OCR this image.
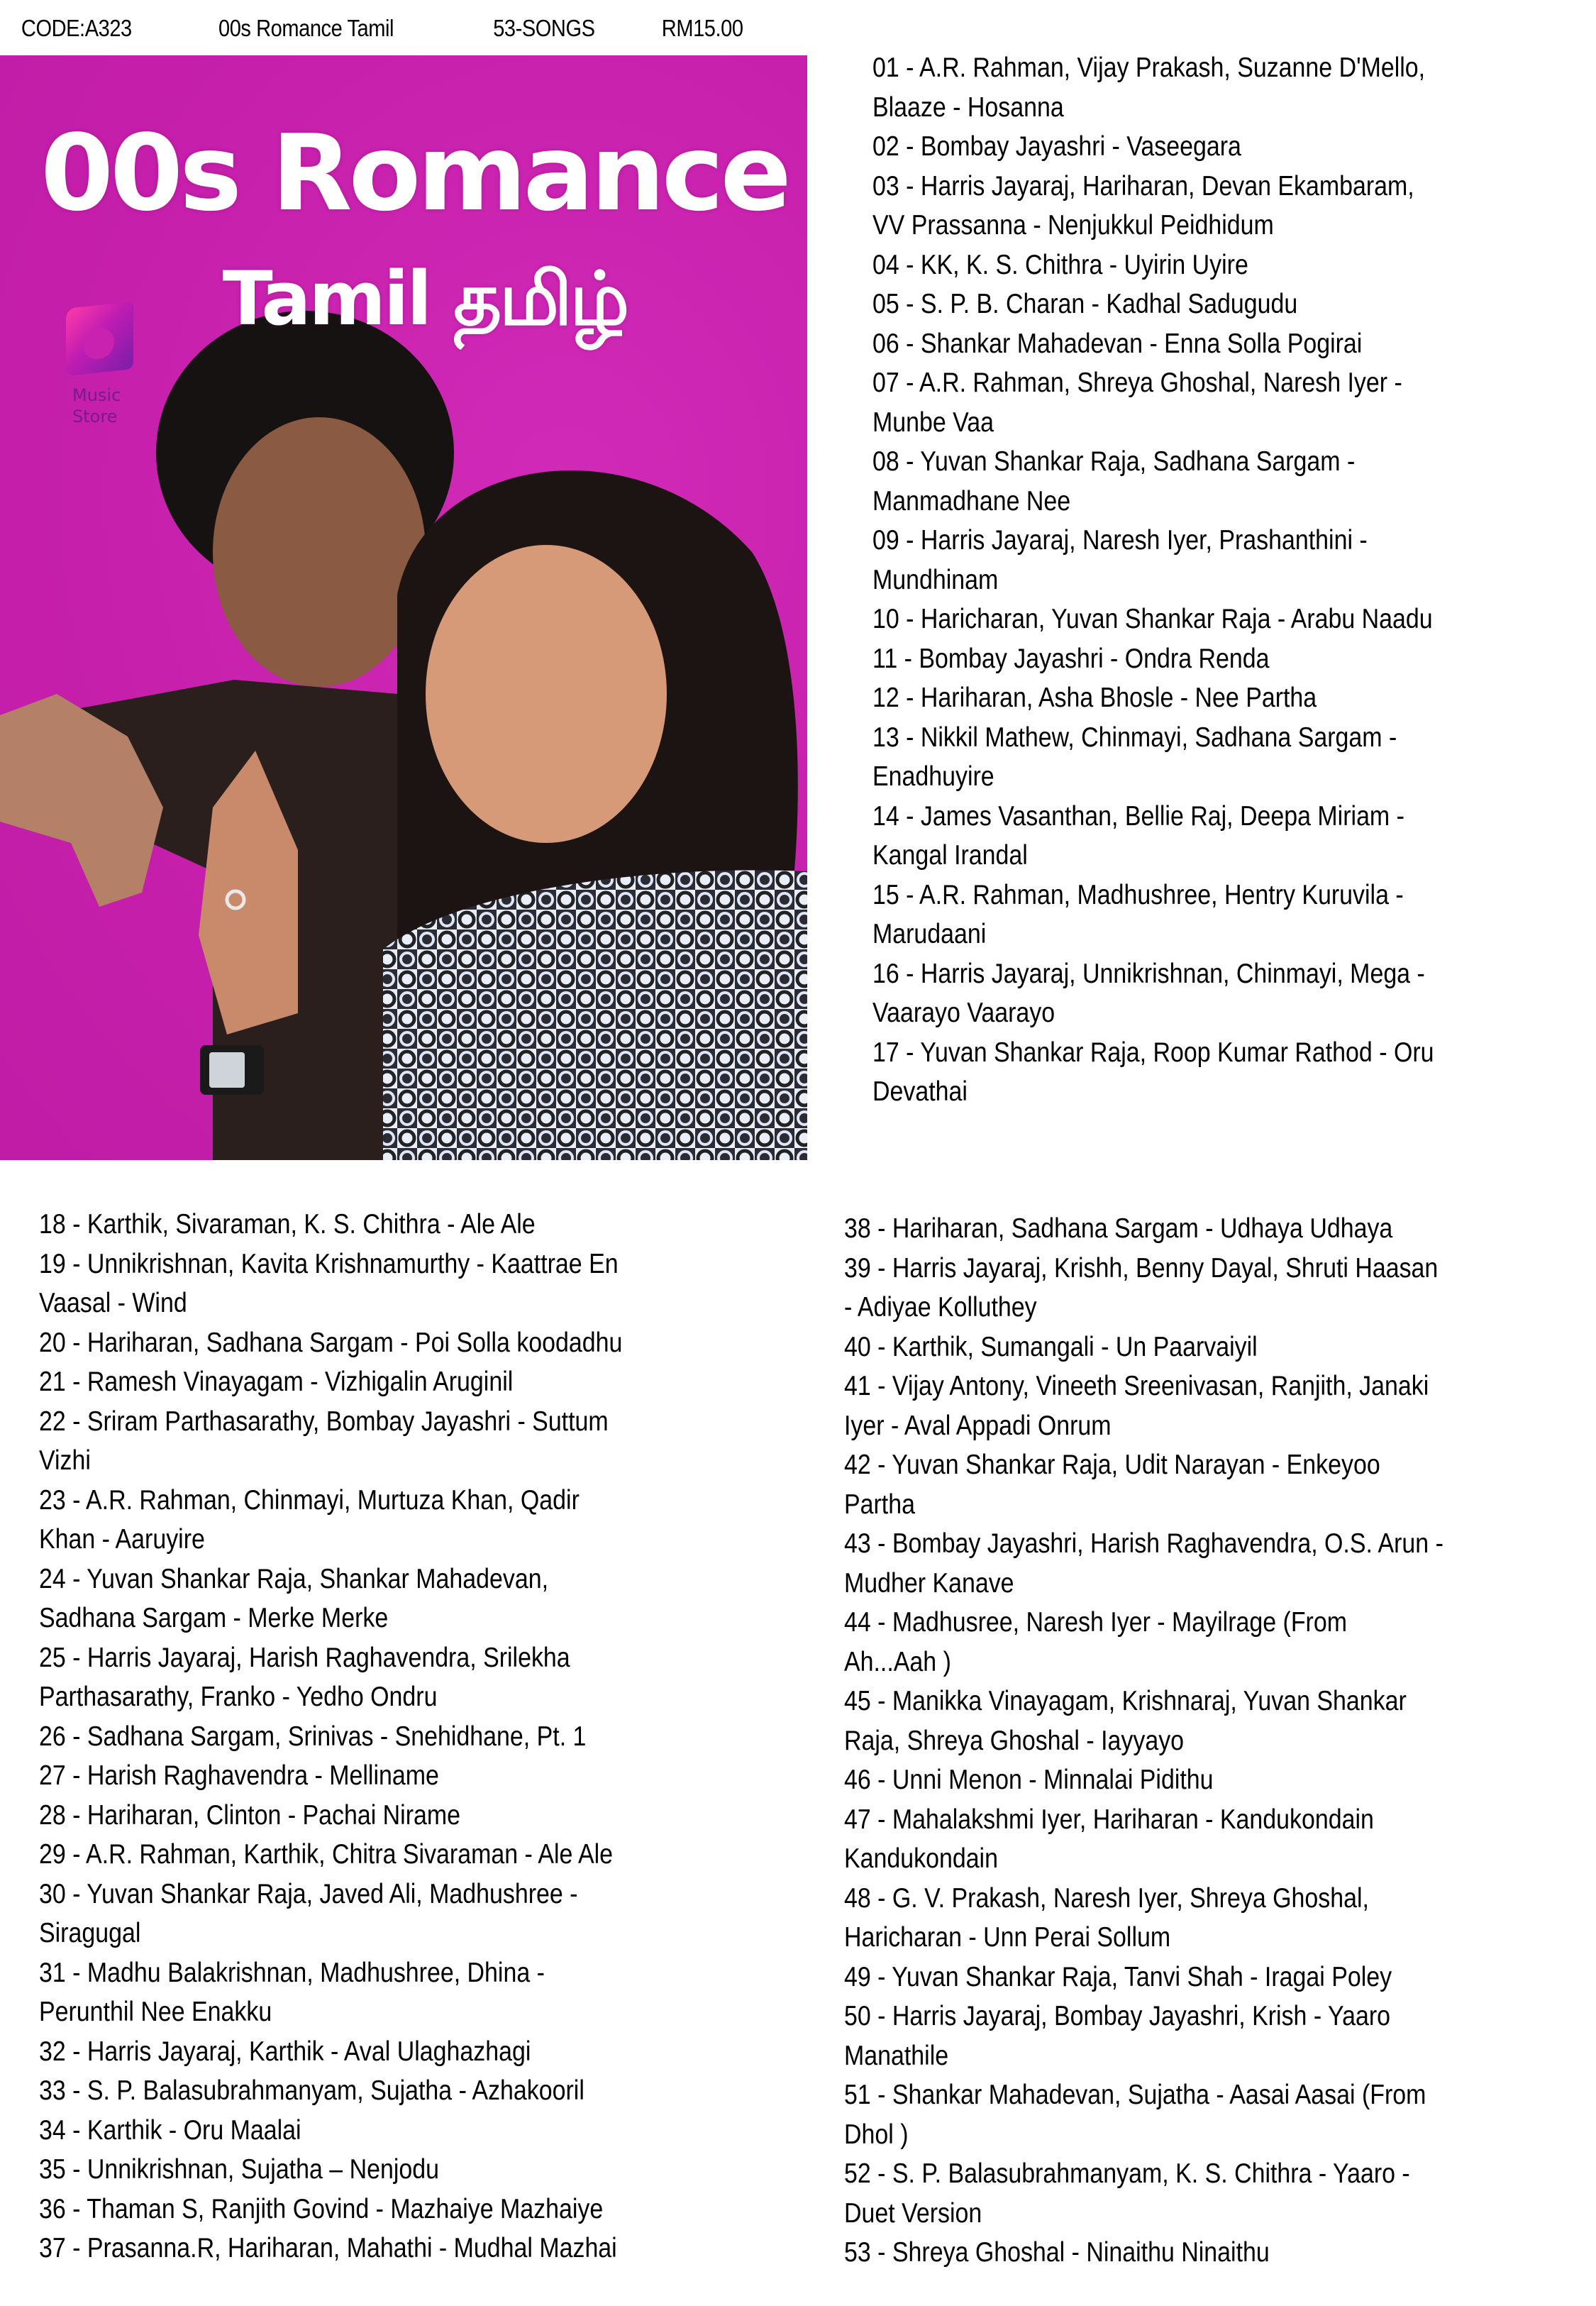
CODE:A323	00s Romance Tamil	53-SONGS	RM15.00
00s Romance
Tamil தமிழ்
Music
Store
01 - A.R. Rahman, Vijay Prakash, Suzanne D'Mello,
Blaaze - Hosanna
02 - Bombay Jayashri - Vaseegara
03 - Harris Jayaraj, Hariharan, Devan Ekambaram,
VV Prassanna - Nenjukkul Peidhidum
04 - KK, K. S. Chithra - Uyirin Uyire
05 - S. P. B. Charan - Kadhal Sadugudu
06 - Shankar Mahadevan - Enna Solla Pogirai
07 - A.R. Rahman, Shreya Ghoshal, Naresh Iyer -
Munbe Vaa
08 - Yuvan Shankar Raja, Sadhana Sargam -
Manmadhane Nee
09 - Harris Jayaraj, Naresh Iyer, Prashanthini -
Mundhinam
10 - Haricharan, Yuvan Shankar Raja - Arabu Naadu
11 - Bombay Jayashri - Ondra Renda
12 - Hariharan, Asha Bhosle - Nee Partha
13 - Nikkil Mathew, Chinmayi, Sadhana Sargam -
Enadhuyire
14 - James Vasanthan, Bellie Raj, Deepa Miriam -
Kangal Irandal
15 - A.R. Rahman, Madhushree, Hentry Kuruvila -
Marudaani
16 - Harris Jayaraj, Unnikrishnan, Chinmayi, Mega -
Vaarayo Vaarayo
17 - Yuvan Shankar Raja, Roop Kumar Rathod - Oru
Devathai
18 - Karthik, Sivaraman, K. S. Chithra - Ale Ale
19 - Unnikrishnan, Kavita Krishnamurthy - Kaattrae En
Vaasal - Wind
20 - Hariharan, Sadhana Sargam - Poi Solla koodadhu
21 - Ramesh Vinayagam - Vizhigalin Aruginil
22 - Sriram Parthasarathy, Bombay Jayashri - Suttum
Vizhi
23 - A.R. Rahman, Chinmayi, Murtuza Khan, Qadir
Khan - Aaruyire
24 - Yuvan Shankar Raja, Shankar Mahadevan,
Sadhana Sargam - Merke Merke
25 - Harris Jayaraj, Harish Raghavendra, Srilekha
Parthasarathy, Franko - Yedho Ondru
26 - Sadhana Sargam, Srinivas - Snehidhane, Pt. 1
27 - Harish Raghavendra - Melliname
28 - Hariharan, Clinton - Pachai Nirame
29 - A.R. Rahman, Karthik, Chitra Sivaraman - Ale Ale
30 - Yuvan Shankar Raja, Javed Ali, Madhushree -
Siragugal
31 - Madhu Balakrishnan, Madhushree, Dhina -
Perunthil Nee Enakku
32 - Harris Jayaraj, Karthik - Aval Ulaghazhagi
33 - S. P. Balasubrahmanyam, Sujatha - Azhakooril
34 - Karthik - Oru Maalai
35 - Unnikrishnan, Sujatha – Nenjodu
36 - Thaman S, Ranjith Govind - Mazhaiye Mazhaiye
37 - Prasanna.R, Hariharan, Mahathi - Mudhal Mazhai
38 - Hariharan, Sadhana Sargam - Udhaya Udhaya
39 - Harris Jayaraj, Krishh, Benny Dayal, Shruti Haasan
- Adiyae Kolluthey
40 - Karthik, Sumangali - Un Paarvaiyil
41 - Vijay Antony, Vineeth Sreenivasan, Ranjith, Janaki
Iyer - Aval Appadi Onrum
42 - Yuvan Shankar Raja, Udit Narayan - Enkeyoo
Partha
43 - Bombay Jayashri, Harish Raghavendra, O.S. Arun -
Mudher Kanave
44 - Madhusree, Naresh Iyer - Mayilrage (From
Ah...Aah )
45 - Manikka Vinayagam, Krishnaraj, Yuvan Shankar
Raja, Shreya Ghoshal - Iayyayo
46 - Unni Menon - Minnalai Pidithu
47 - Mahalakshmi Iyer, Hariharan - Kandukondain
Kandukondain
48 - G. V. Prakash, Naresh Iyer, Shreya Ghoshal,
Haricharan - Unn Perai Sollum
49 - Yuvan Shankar Raja, Tanvi Shah - Iragai Poley
50 - Harris Jayaraj, Bombay Jayashri, Krish - Yaaro
Manathile
51 - Shankar Mahadevan, Sujatha - Aasai Aasai (From
Dhol )
52 - S. P. Balasubrahmanyam, K. S. Chithra - Yaaro -
Duet Version
53 - Shreya Ghoshal - Ninaithu Ninaithu
